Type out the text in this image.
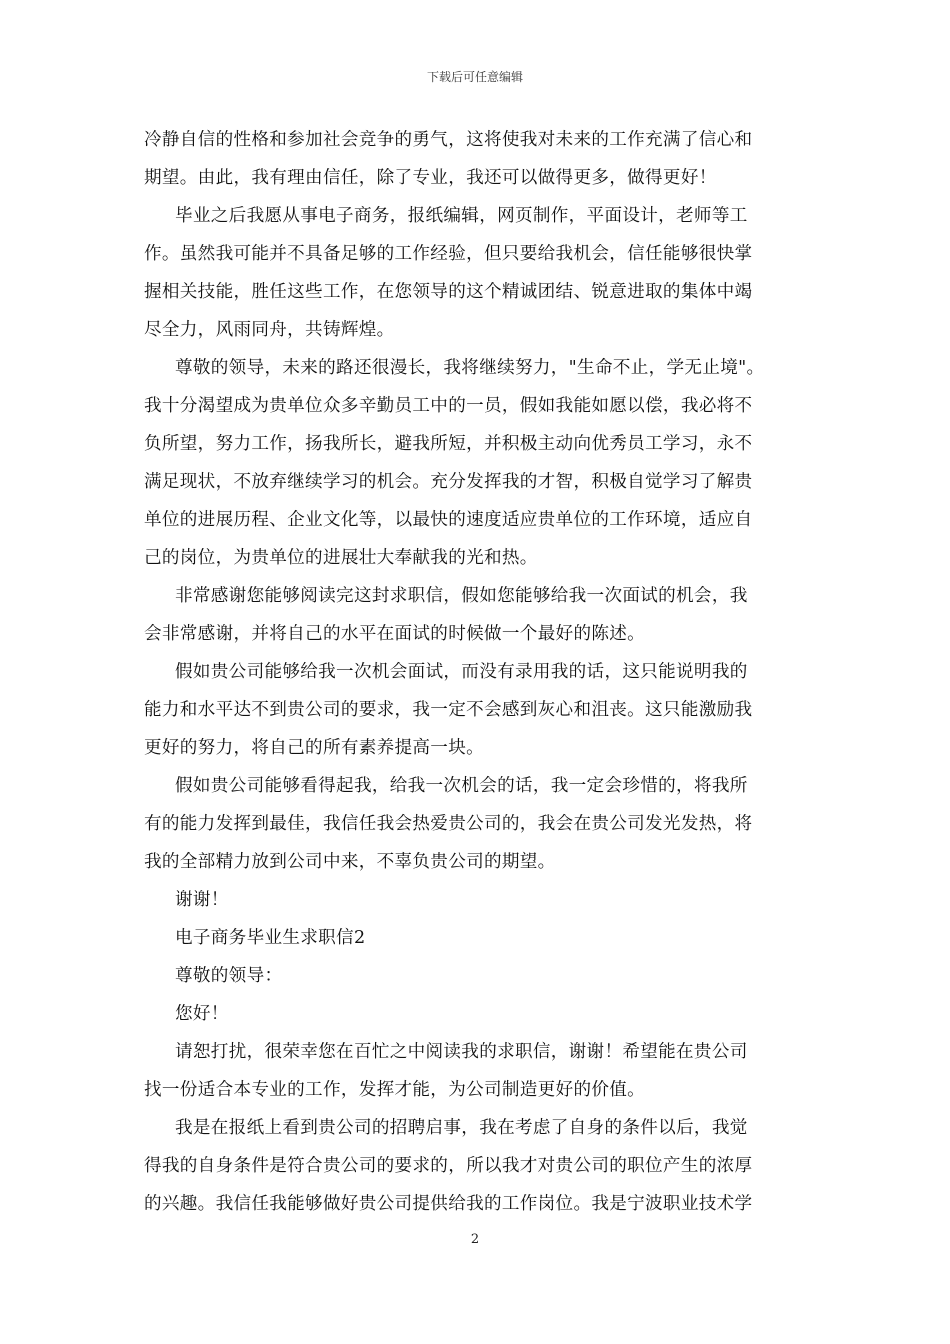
下载后可任意编辑
冷静自信的性格和参加社会竞争的勇气，这将使我对未来的工作充满了信心和
期望。由此，我有理由信任，除了专业，我还可以做得更多，做得更好！
毕业之后我愿从事电子商务，报纸编辑，网页制作，平面设计，老师等工
作。虽然我可能并不具备足够的工作经验，但只要给我机会，信任能够很快掌
握相关技能，胜任这些工作，在您领导的这个精诚团结、锐意进取的集体中竭
尽全力，风雨同舟，共铸辉煌。
尊敬的领导，未来的路还很漫长，我将继续努力，"生命不止，学无止境"。
我十分渴望成为贵单位众多辛勤员工中的一员，假如我能如愿以偿，我必将不
负所望，努力工作，扬我所长，避我所短，并积极主动向优秀员工学习，永不
满足现状，不放弃继续学习的机会。充分发挥我的才智，积极自觉学习了解贵
单位的进展历程、企业文化等，以最快的速度适应贵单位的工作环境，适应自
己的岗位，为贵单位的进展壮大奉献我的光和热。
非常感谢您能够阅读完这封求职信，假如您能够给我一次面试的机会，我
会非常感谢，并将自己的水平在面试的时候做一个最好的陈述。
假如贵公司能够给我一次机会面试，而没有录用我的话，这只能说明我的
能力和水平达不到贵公司的要求，我一定不会感到灰心和沮丧。这只能激励我
更好的努力，将自己的所有素养提高一块。
假如贵公司能够看得起我，给我一次机会的话，我一定会珍惜的，将我所
有的能力发挥到最佳，我信任我会热爱贵公司的，我会在贵公司发光发热，将
我的全部精力放到公司中来，不辜负贵公司的期望。
谢谢！
电子商务毕业生求职信2
尊敬的领导：
您好！
请恕打扰，很荣幸您在百忙之中阅读我的求职信，谢谢！希望能在贵公司
找一份适合本专业的工作，发挥才能，为公司制造更好的价值。
我是在报纸上看到贵公司的招聘启事，我在考虑了自身的条件以后，我觉
得我的自身条件是符合贵公司的要求的，所以我才对贵公司的职位产生的浓厚
的兴趣。我信任我能够做好贵公司提供给我的工作岗位。我是宁波职业技术学
2
